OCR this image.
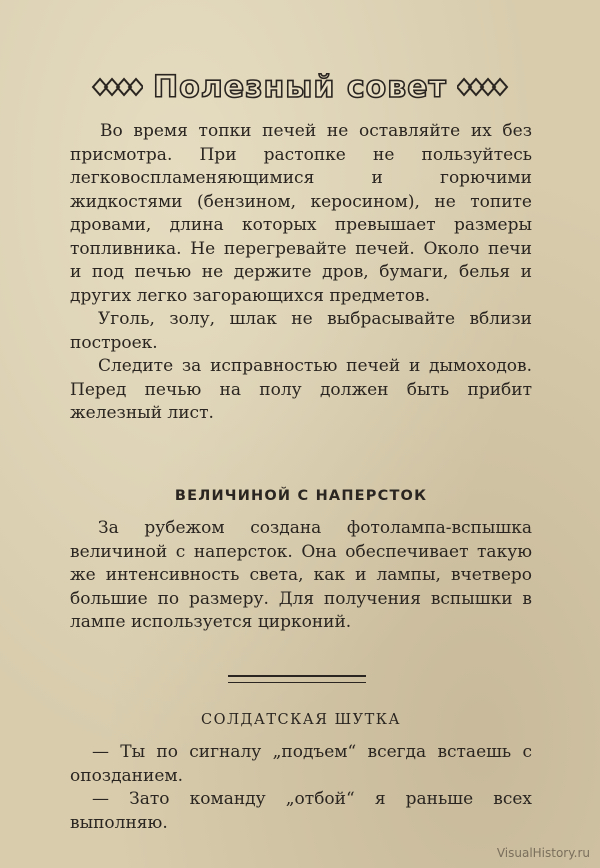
Полезный совет

Во время топки печей не оставляйте их без присмотра. При растопке не пользуйтесь легковоспламеняющимися и горючими жидкостями (бензином, керосином), не топите дровами, длина которых превышает размеры топливника. Не перегревайте печей. Около печи и под печью не держите дров, бумаги, белья и других легко загорающихся предметов.

Уголь, золу, шлак не выбрасывайте вблизи построек.

Следите за исправностью печей и дымоходов. Перед печью на полу должен быть прибит железный лист.

ВЕЛИЧИНОЙ С НАПЕРСТОК

За рубежом создана фотолампа-вспышка величиной с наперсток. Она обеспечивает такую же интенсивность света, как и лампы, вчетверо большие по размеру. Для получения вспышки в лампе используется цирконий.

СОЛДАТСКАЯ ШУТКА

— Ты по сигналу „подъем“ всегда встаешь с опозданием.

— Зато команду „отбой“ я раньше всех выполняю.

VisualHistory.ru
